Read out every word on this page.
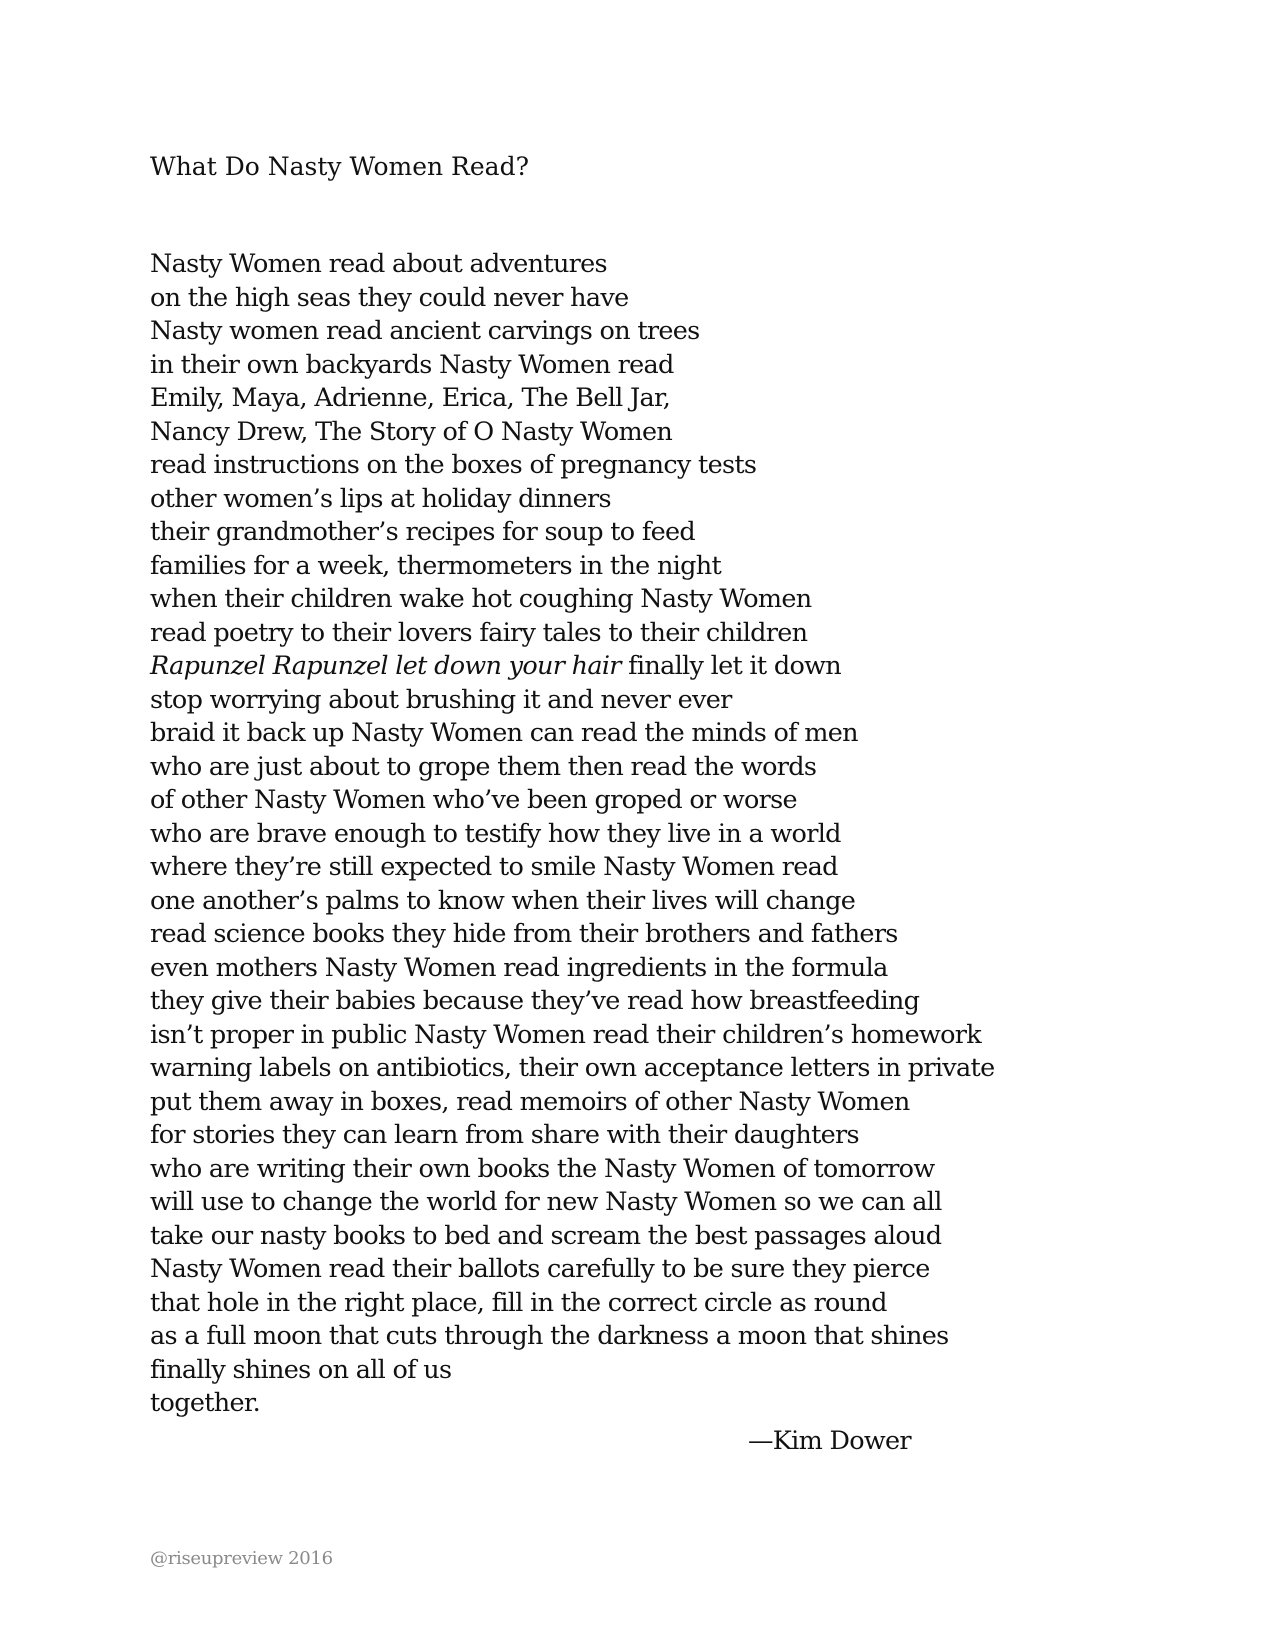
What Do Nasty Women Read?
Nasty Women read about adventures
on the high seas they could never have
Nasty women read ancient carvings on trees
in their own backyards Nasty Women read
Emily, Maya, Adrienne, Erica, The Bell Jar,
Nancy Drew, The Story of O Nasty Women
read instructions on the boxes of pregnancy tests
other women’s lips at holiday dinners
their grandmother’s recipes for soup to feed
families for a week, thermometers in the night
when their children wake hot coughing Nasty Women
read poetry to their lovers fairy tales to their children
Rapunzel Rapunzel let down your hair finally let it down
stop worrying about brushing it and never ever
braid it back up Nasty Women can read the minds of men
who are just about to grope them then read the words
of other Nasty Women who’ve been groped or worse
who are brave enough to testify how they live in a world
where they’re still expected to smile Nasty Women read
one another’s palms to know when their lives will change
read science books they hide from their brothers and fathers
even mothers Nasty Women read ingredients in the formula
they give their babies because they’ve read how breastfeeding
isn’t proper in public Nasty Women read their children’s homework
warning labels on antibiotics, their own acceptance letters in private
put them away in boxes, read memoirs of other Nasty Women
for stories they can learn from share with their daughters
who are writing their own books the Nasty Women of tomorrow
will use to change the world for new Nasty Women so we can all
take our nasty books to bed and scream the best passages aloud
Nasty Women read their ballots carefully to be sure they pierce
that hole in the right place, fill in the correct circle as round
as a full moon that cuts through the darkness a moon that shines
finally shines on all of us
together.
—Kim Dower
@riseupreview 2016
